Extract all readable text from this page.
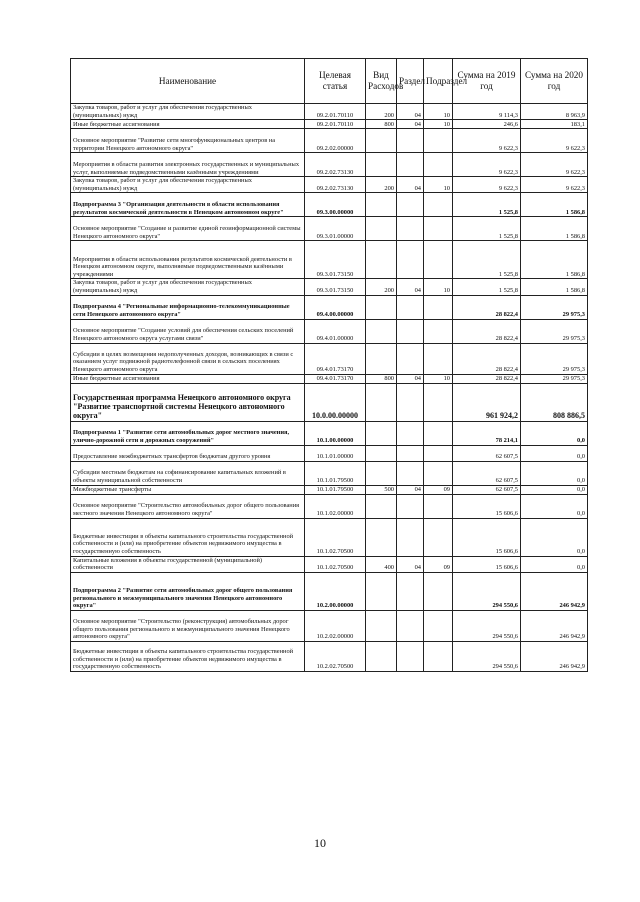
Наименование	Целевая статья	Вид Расходов	Раздел	Подраздел	Сумма на 2019 год	Сумма на 2020 год
Закупка товаров, работ и услуг для обеспечения государственных (муниципальных) нужд	09.2.01.70110	200	04	10	9 114,3	8 963,9
Иные бюджетные ассигнования	09.2.01.70110	800	04	10	246,6	183,1
Основное мероприятие "Развитие сети многофункциональных центров на территории Ненецкого автономного округа"	09.2.02.00000				9 622,3	9 622,3
Мероприятия в области развития электронных государственных и муниципальных услуг, выполняемые подведомственными казёнными учреждениями	09.2.02.73130				9 622,3	9 622,3
Закупка товаров, работ и услуг для обеспечения государственных (муниципальных) нужд	09.2.02.73130	200	04	10	9 622,3	9 622,3
Подпрограмма 3 "Организация деятельности в области использования результатов космической деятельности в Ненецком автономном округе"	09.3.00.00000				1 525,8	1 586,8
Основное мероприятие "Создание и развитие единой геоинформационной системы Ненецкого автономного округа"	09.3.01.00000				1 525,8	1 586,8
Мероприятия в области использования результатов космической деятельности в Ненецком автономном округе, выполняемые подведомственными казёнными учреждениями	09.3.01.73150				1 525,8	1 586,8
Закупка товаров, работ и услуг для обеспечения государственных (муниципальных) нужд	09.3.01.73150	200	04	10	1 525,8	1 586,8
Подпрограмма 4 "Региональные информационно-телекоммуникационные сети Ненецкого автономного округа"	09.4.00.00000				28 822,4	29 975,3
Основное мероприятие "Создание условий для обеспечения сельских поселений Ненецкого автономного округа услугами связи"	09.4.01.00000				28 822,4	29 975,3
Субсидии в целях возмещения недополученных доходов, возникающих в связи с оказанием услуг подвижной радиотелефонной связи в сельских поселениях Ненецкого автономного округа	09.4.01.73170				28 822,4	29 975,3
Иные бюджетные ассигнования	09.4.01.73170	800	04	10	28 822,4	29 975,3
Государственная программа Ненецкого автономного округа "Развитие транспортной системы Ненецкого автономного округа"	10.0.00.00000				961 924,2	808 886,5
Подпрограмма 1 "Развитие сети автомобильных дорог местного значения, улично-дорожной сети и дорожных сооружений"	10.1.00.00000				78 214,1	0,0
Предоставление межбюджетных трансфертов бюджетам другого уровня	10.1.01.00000				62 607,5	0,0
Субсидии местным бюджетам на софинансирование капитальных вложений в объекты муниципальной собственности	10.1.01.79500				62 607,5	0,0
Межбюджетные трансферты	10.1.01.79500	500	04	09	62 607,5	0,0
Основное мероприятие "Строительство автомобильных дорог общего пользования местного значения Ненецкого автономного округа"	10.1.02.00000				15 606,6	0,0
Бюджетные инвестиции в объекты капитального строительства государственной собственности и (или) на приобретение объектов недвижимого имущества в государственную собственность	10.1.02.70500				15 606,6	0,0
Капитальные вложения в объекты государственной (муниципальной) собственности	10.1.02.70500	400	04	09	15 606,6	0,0
Подпрограмма 2 "Развитие сети автомобильных дорог общего пользования регионального и межмуниципального значения Ненецкого автономного округа"	10.2.00.00000				294 550,6	246 942,9
Основное мероприятие "Строительство (реконструкция) автомобильных дорог общего пользования регионального и межмуниципального значения Ненецкого автономного округа"	10.2.02.00000				294 550,6	246 942,9
Бюджетные инвестиции в объекты капитального строительства государственной собственности и (или) на приобретение объектов недвижимого имущества в государственную собственность	10.2.02.70500				294 550,6	246 942,9
10
